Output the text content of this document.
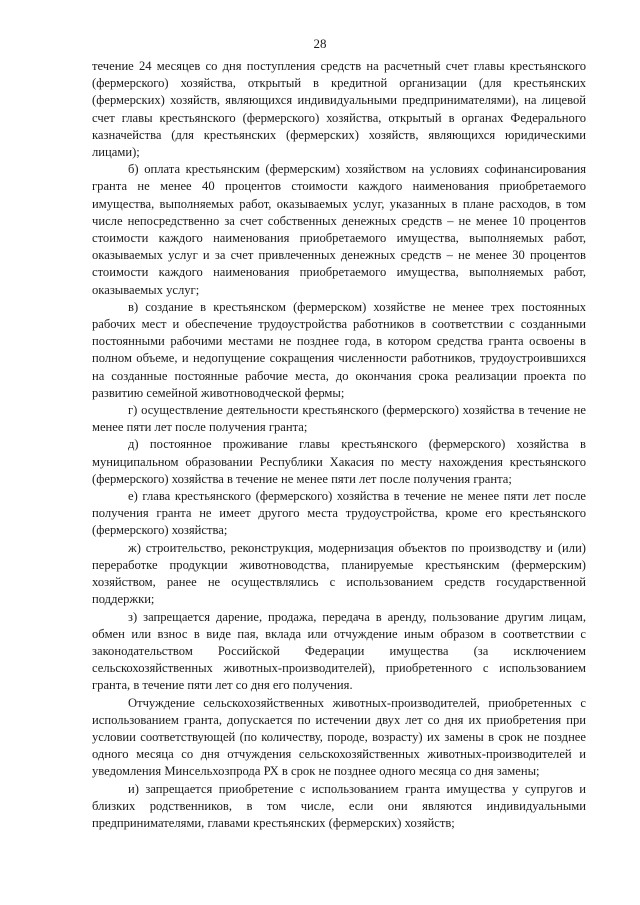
28

течение 24 месяцев со дня поступления средств на расчетный счет главы крестьянского (фермерского) хозяйства, открытый в кредитной организации (для крестьянских (фермерских) хозяйств, являющихся индивидуальными предпринимателями), на лицевой счет главы крестьянского (фермерского) хозяйства, открытый в органах Федерального казначейства (для крестьянских (фермерских) хозяйств, являющихся юридическими лицами);

б) оплата крестьянским (фермерским) хозяйством на условиях софинансирования гранта не менее 40 процентов стоимости каждого наименования приобретаемого имущества, выполняемых работ, оказываемых услуг, указанных в плане расходов, в том числе непосредственно за счет собственных денежных средств – не менее 10 процентов стоимости каждого наименования приобретаемого имущества, выполняемых работ, оказываемых услуг и за счет привлеченных денежных средств – не менее 30 процентов стоимости каждого наименования приобретаемого имущества, выполняемых работ, оказываемых услуг;

в) создание в крестьянском (фермерском) хозяйстве не менее трех постоянных рабочих мест и обеспечение трудоустройства работников в соответствии с созданными постоянными рабочими местами не позднее года, в котором средства гранта освоены в полном объеме, и недопущение сокращения численности работников, трудоустроившихся на созданные постоянные рабочие места, до окончания срока реализации проекта по развитию семейной животноводческой фермы;

г) осуществление деятельности крестьянского (фермерского) хозяйства в течение не менее пяти лет после получения гранта;

д) постоянное проживание главы крестьянского (фермерского) хозяйства в муниципальном образовании Республики Хакасия по месту нахождения крестьянского (фермерского) хозяйства в течение не менее пяти лет после получения гранта;

е) глава крестьянского (фермерского) хозяйства в течение не менее пяти лет после получения гранта не имеет другого места трудоустройства, кроме его крестьянского (фермерского) хозяйства;

ж) строительство, реконструкция, модернизация объектов по производству и (или) переработке продукции животноводства, планируемые крестьянским (фермерским) хозяйством, ранее не осуществлялись с использованием средств государственной поддержки;

з) запрещается дарение, продажа, передача в аренду, пользование другим лицам, обмен или взнос в виде пая, вклада или отчуждение иным образом в соответствии с законодательством Российской Федерации имущества (за исключением сельскохозяйственных животных-производителей), приобретенного с использованием гранта, в течение пяти лет со дня его получения.

Отчуждение сельскохозяйственных животных-производителей, приобретенных с использованием гранта, допускается по истечении двух лет со дня их приобретения при условии соответствующей (по количеству, породе, возрасту) их замены в срок не позднее одного месяца со дня отчуждения сельскохозяйственных животных-производителей и уведомления Минсельхозпрода РХ в срок не позднее одного месяца со дня замены;

и) запрещается приобретение с использованием гранта имущества у супругов и близких родственников, в том числе, если они являются индивидуальными предпринимателями, главами крестьянских (фермерских) хозяйств;
